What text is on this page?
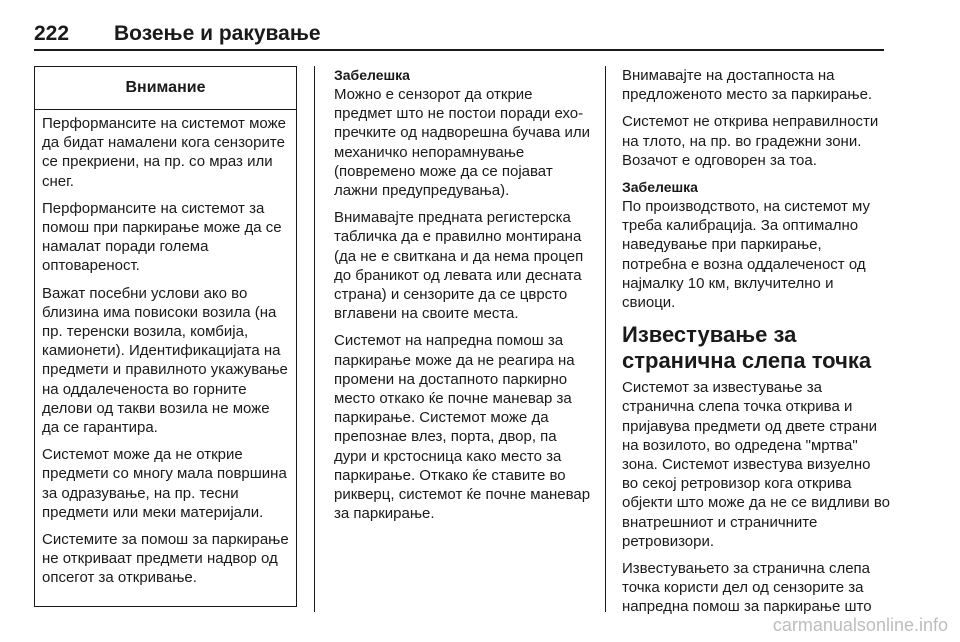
222 Возење и ракување
Внимание

Перформансите на системот може да бидат намалени кога сензорите се прекриени, на пр. со мраз или снег.

Перформансите на системот за помош при паркирање може да се намалат поради голема оптовареност.

Важат посебни услови ако во близина има повисоки возила (на пр. теренски возила, комбија, камионети). Идентификацијата на предмети и правилното укажување на оддалеченоста во горните делови од такви возила не може да се гарантира.

Системот може да не открие предмети со многу мала површина за одразување, на пр. тесни предмети или меки материјали.

Системите за помош за паркирање не откриваат предмети надвор од опсегот за откривање.

Забелешка

Можно е сензорот да открие предмет што не постои поради ехо-пречките од надворешна бучава или механичко непорамнување (повремено може да се појават лажни предупредувања).

Внимавајте предната регистерска табличка да е правилно монтирана (да не е свиткана и да нема процеп до браникот од левата или десната страна) и сензорите да се цврсто вглавени на своите места.

Системот на напредна помош за паркирање може да не реагира на промени на достапното паркирно место откако ќе почне маневар за паркирање. Системот може да препознае влез, порта, двор, па дури и крстосница како место за паркирање. Откако ќе ставите во рикверц, системот ќе почне маневар за паркирање.

Внимавајте на достапноста на предложеното место за паркирање.

Системот не открива неправилности на тлото, на пр. во градежни зони. Возачот е одговорен за тоа.

Забелешка

По производството, на системот му треба калибрација. За оптимално наведување при паркирање, потребна е возна оддалеченост од најмалку 10 км, вклучително и свиоци.

Известување за странична слепа точка

Системот за известување за странична слепа точка открива и пријавува предмети од двете страни на возилото, во одредена "мртва" зона. Системот известува визуелно во секој ретровизор кога открива објекти што може да не се видливи во внатрешниот и страничните ретровизори.

Известувањето за странична слепа точка користи дел од сензорите за напредна помош за паркирање што

carmanualsonline.info
